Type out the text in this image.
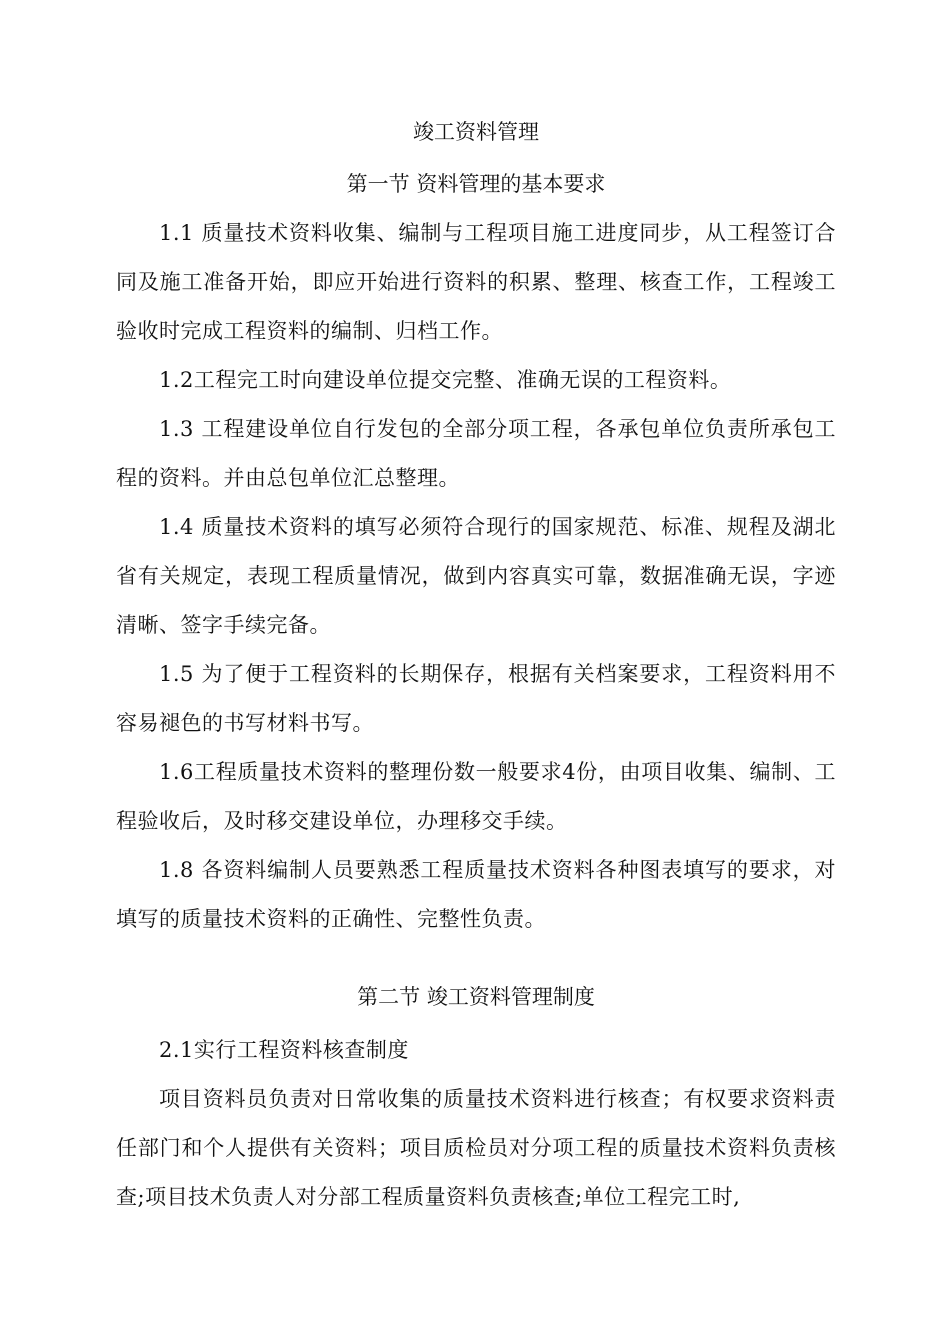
竣工资料管理

第一节 资料管理的基本要求

1.1 质量技术资料收集、编制与工程项目施工进度同步，从工程签订合同及施工准备开始，即应开始进行资料的积累、整理、核查工作，工程竣工验收时完成工程资料的编制、归档工作。

1.2工程完工时向建设单位提交完整、准确无误的工程资料。

1.3 工程建设单位自行发包的全部分项工程，各承包单位负责所承包工程的资料。并由总包单位汇总整理。

1.4 质量技术资料的填写必须符合现行的国家规范、标准、规程及湖北省有关规定，表现工程质量情况，做到内容真实可靠，数据准确无误，字迹清晰、签字手续完备。

1.5 为了便于工程资料的长期保存，根据有关档案要求，工程资料用不容易褪色的书写材料书写。

1.6工程质量技术资料的整理份数一般要求4份，由项目收集、编制、工程验收后，及时移交建设单位，办理移交手续。

1.8 各资料编制人员要熟悉工程质量技术资料各种图表填写的要求，对填写的质量技术资料的正确性、完整性负责。

第二节 竣工资料管理制度

2.1实行工程资料核查制度

项目资料员负责对日常收集的质量技术资料进行核查；有权要求资料责任部门和个人提供有关资料；项目质检员对分项工程的质量技术资料负责核查;项目技术负责人对分部工程质量资料负责核查;单位工程完工时,
